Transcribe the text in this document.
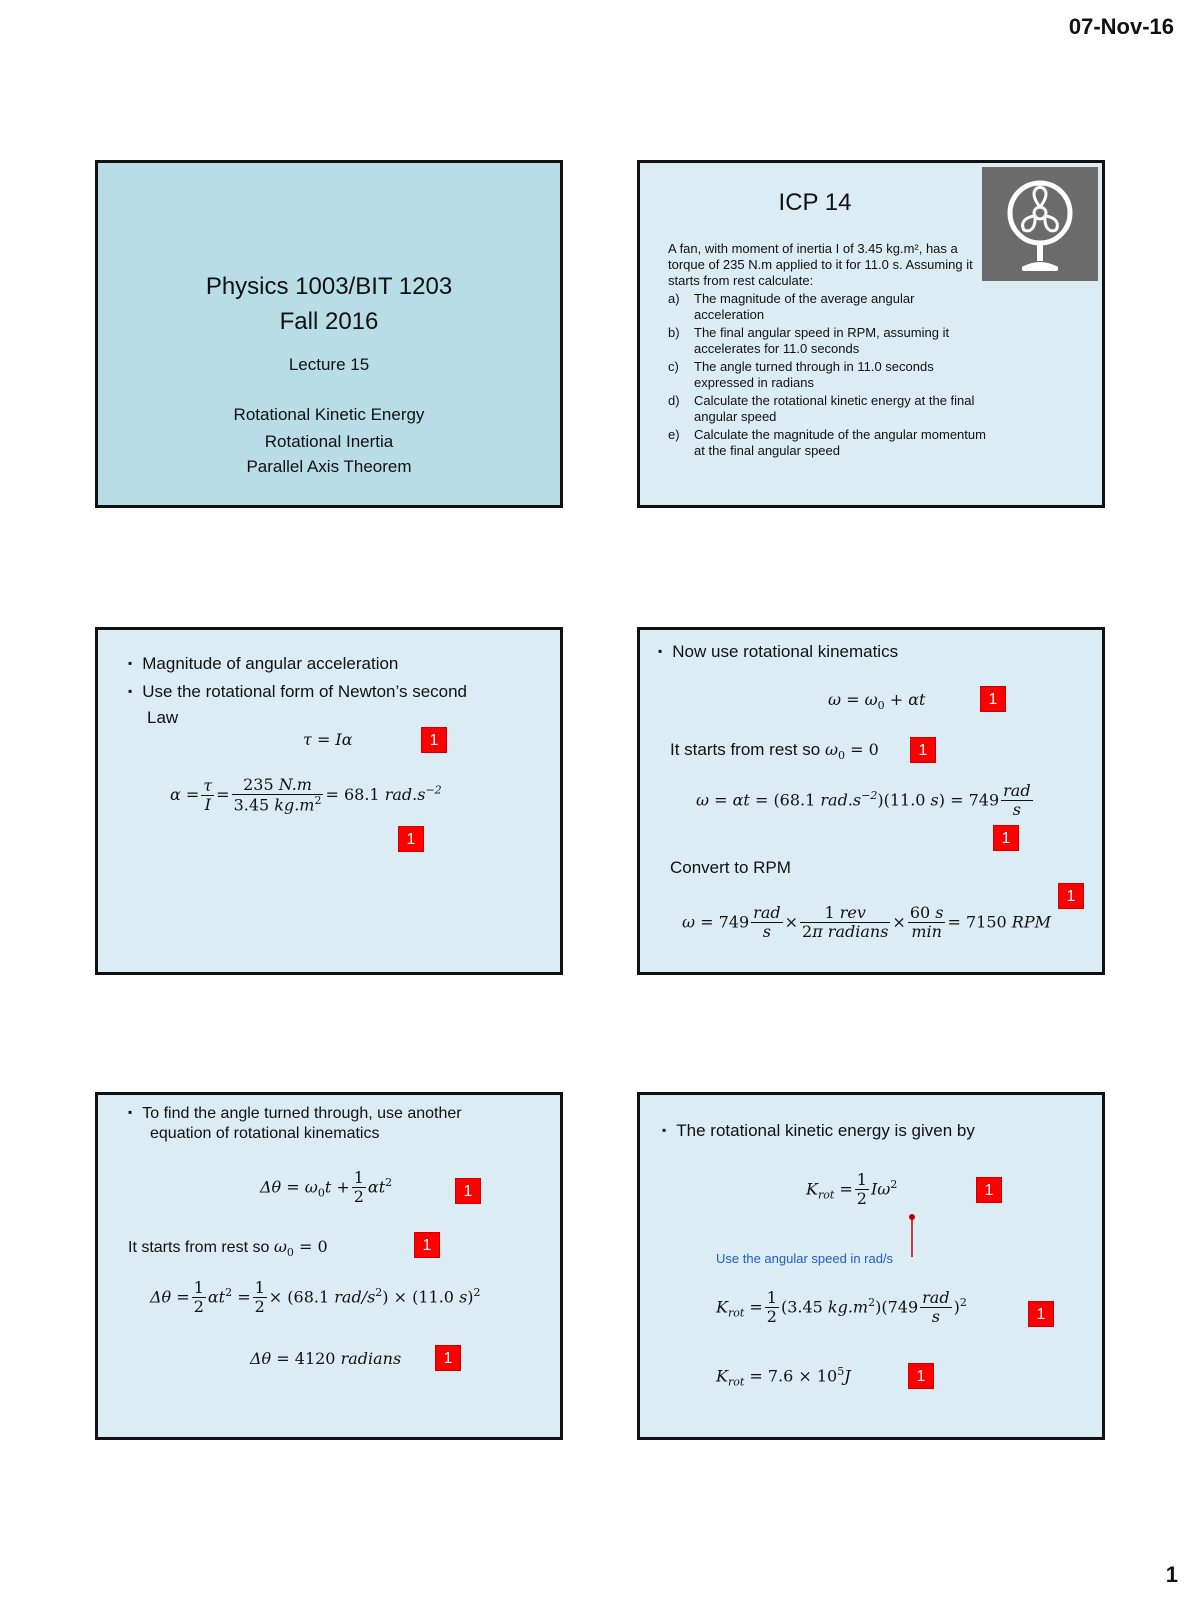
07-Nov-16
Physics 1003/BIT 1203
Fall 2016
Lecture 15
Rotational Kinetic Energy
Rotational Inertia
Parallel Axis Theorem
ICP 14
A fan, with moment of inertia I of 3.45 kg.m², has a torque of 235 N.m applied to it for 11.0 s. Assuming it starts from rest calculate:
a)	The magnitude of the average angular acceleration
b)	The final angular speed in RPM, assuming it accelerates for 11.0 seconds
c)	The angle turned through in 11.0 seconds expressed in radians
d)	Calculate the rotational kinetic energy at the final angular speed
e)	Calculate the magnitude of the angular momentum at the final angular speed
▪ Magnitude of angular acceleration
▪ Use the rotational form of Newton’s second
Law
τ = Iα	1
$\alpha = \frac{\tau}{I} = \frac{235 N.m}{3.45 kg.m^2} = 68.1$ $rad.s^{-2}$
1
▪ Now use rotational kinematics
$\omega = \omega_0 + \alpha t$	1
It starts from rest so $\omega_0 = 0$	1
ω = αt = (68.1 $rad.s^{-2})(11.0$ $s) = 749 \frac{\text{rad}}{s}$
1
Convert to RPM
1
$\omega = 749 \frac{\text{rad}}{s} \times \frac{\text{1 rev}}{\text{2π radians}} \times \frac{60 s}{\min} = 7150$ RPM
▪ To find the angle turned through, use another
equation of rotational kinematics
$\Delta\theta = \omega_0t + \frac{1}{2} \alpha t^2$
1
It starts from rest so $\omega_0 = 0$	1
$\Delta\theta = \frac{1}{2} \alpha t^2 = \frac{1}{2} \times (68.1$ rad/$s^2) \times (11.0$ s)$^2$
Δθ = 4120 radians	1
▪ The rotational kinetic energy is given by
$K_{rot} = \frac{1}{2} I\omega^2$	1
Use the angular speed in rad/s
$K_{rot} = \frac{1}{2} (3.45$ $kg.m^2)(749 \frac{\text{rad}}{s} )^2$
1
$K_{rot} = 7.6 \times 10^5J$	1
1
